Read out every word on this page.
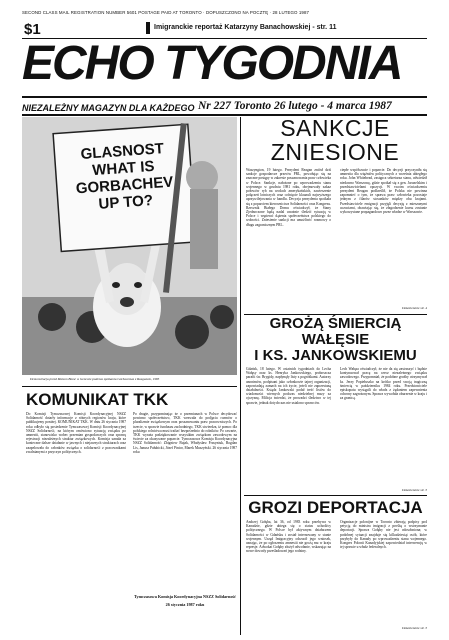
SECOND CLASS MAIL REGISTRATION NUMBER 5601 POSTAGE PAID AT TORONTO · DOPUSZCZONO NA POCZTĘ · 28 LUTEGO 1987
$1	Imigranckie reportaż Katarzyny Banachowskiej - str. 11
ECHO TYGODNIA
NIEZALEŻNY MAGAZYN DLA KAŻDEGO Nr 227 Toronto 26 lutego - 4 marca 1987
GLASNOST WHAT IS GORBACHEV UP TO?
Demonstracja przed Maison Blanc w Genewie podczas spotkania Gorbaczowa z Reaganem, 1985
SANKCJE
ZNIESIONE
Waszyngton, 19 lutego. Prezydent Reagan zniósł dziś sankcje gospodarcze przeciw PRL, powołując się na znaczne postępy w zakresie poszanowania praw człowieka w Polsce. Sankcje, nałożone po wprowadzeniu stanu wojennego w grudniu 1981 roku, obejmowały zakaz połowów ryb na wodach amerykańskich, zawieszenie połączeń lotniczych oraz cofnięcie klauzuli najwyższego uprzywilejowania w handlu. Decyzja prezydenta spotkała się z poparciem kierownictwa Solidarności oraz Kongresu. Rzecznik Białego Domu oświadczył, że Stany Zjednoczone będą nadal uważnie śledzić sytuację w Polsce i wspierać dążenia społeczeństwa polskiego do wolności. Zniesienie sankcji ma umożliwić rozmowy o długu zagranicznym PRL.
ciepłe współczucie i poparcie. Do decyzji przyczyniła się amnestia dla więźniów politycznych z września ubiegłego roku. John Whitehead, zastępca sekretarza stanu, odwiedził niedawno Warszawę, gdzie spotkał się z gen. Jaruzelskim i przedstawicielami opozycji. W swoim oświadczeniu prezydent Reagan podkreślił, że Polska nie powinna zapomnieć o tym, że sprawa praw człowieka pozostaje jednym z filarów stosunków między obu krajami. Przedstawiciele emigracji przyjęli decyzję z mieszanymi uczuciami, obawiając się, że złagodzenie kursu zostanie wykorzystane propagandowo przez władze w Warszawie.
Dokończenie str. 4
GROŻĄ ŚMIERCIĄ
WAŁĘSIE
I KS. JANKOWSKIEMU
Gdańsk, 18 lutego. W ostatnich tygodniach do Lecha Wałęsy oraz ks. Henryka Jankowskiego, proboszcza parafii św. Brygidy, napłynęły listy z pogróżkami. Autorzy anonimów, podpisani jako członkowie tajnej organizacji, zapowiadają zamach na ich życie, jeżeli nie zaprzestaną działalności. Ksiądz Jankowski podał treść listów do wiadomości wiernych podczas niedzielnej mszy za ojczyznę. Milicja twierdzi, że prowadzi śledztwo w tej sprawie, jednak dotychczas nie ustalono sprawców.
Lech Wałęsa oświadczył, że nie da się zastraszyć i będzie kontynuował pracę na rzecz niezależnego związku zawodowego. Przypomniał, że podobne groźby otrzymywał ks. Jerzy Popiełuszko na krótko przed swoją tragiczną śmiercią w październiku 1984 roku. Przedstawiciele episkopatu wystąpili do władz z żądaniem zapewnienia ochrony zagrożonym. Sprawa wywołała oburzenie w kraju i za granicą.
Dokończenie str. 3
KOMUNIKAT TKK
Do Komisji Tymczasowej Komisji Koordynacyjnej NSZZ Solidarność dotarły informacje z różnych regionów kraju, które publikujemy poniżej. KOMUNIKAT TKK. W dniu 26 stycznia 1987 roku odbyło się posiedzenie Tymczasowej Komisji Koordynacyjnej NSZZ Solidarność, na którym omówiono sytuację związku po amnestii, stanowisko wobec przemian gospodarczych oraz sprawę rejestracji niezależnych struktur związkowych. Komisja uznała za konieczne dalsze działanie w jawnych i niejawnych strukturach oraz zaapelowała do członków związku o solidarność z pracownikami zwalnianymi z przyczyn politycznych.
Po drugie, przypominając że o przemianach w Polsce decydować powinno społeczeństwo, TKK wezwała do podjęcia rozmów o pluralizmie związkowym oraz poszanowaniu praw pracowniczych. Po trzecie, w sprawie funduszu zachodniego, TKK stwierdza, iż pomoc dla polskiego rolnictwa musi trafiać bezpośrednio do rolników. Po czwarte, TKK wyraża podziękowanie wszystkim związkom zawodowym na świecie za okazywane poparcie. Tymczasowa Komisja Koordynacyjna NSZZ Solidarność: Zbigniew Bujak, Władysław Frasyniuk, Bogdan Lis, Janusz Pałubicki, Józef Pinior, Marek Muszyński. 26 stycznia 1987 roku
Tymczasowa Komisja Koordynacyjna NSZZ Solidarność
26 stycznia 1987 roku
GROZI DEPORTACJA
Andrzej Gołęba, lat 36, od 1983 roku przebywa w Kanadzie, gdzie ubiega się o status uchodźcy politycznego. W Polsce był aktywnym działaczem Solidarności w Gdańsku i został internowany w stanie wojennym. Urząd Imigracyjny odrzucił jego wniosek, uznając, że po ogłoszeniu amnestii nie grożą mu w kraju represje. Adwokat Gołęby złożył odwołanie, wskazując na nowe dowody prześladowań jego rodziny.
Organizacje polonijne w Toronto zbierają podpisy pod petycją do ministra imigracji z prośbą o wstrzymanie deportacji. Sprawa Gołęby nie jest odosobniona; w podobnej sytuacji znajduje się kilkadziesiąt osób, które przybyły do Kanady po wprowadzeniu stanu wojennego. Kongres Polonii Kanadyjskiej zapowiedział interwencję w tej sprawie u władz federalnych.
Dokończenie str. 3
